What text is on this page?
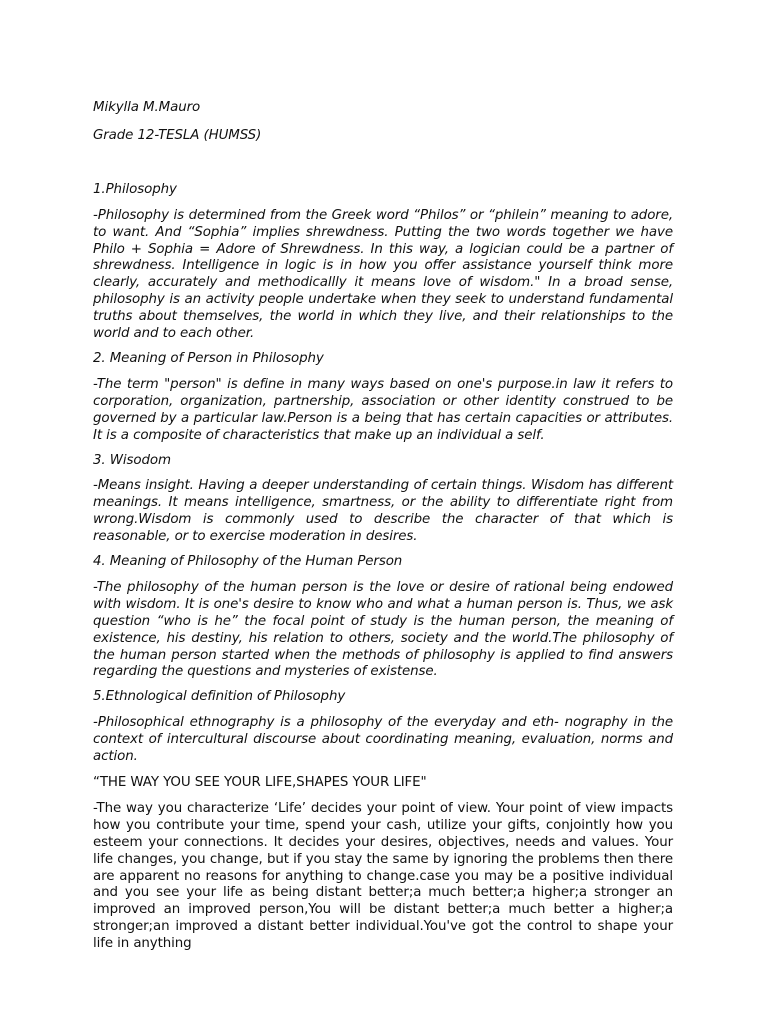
Mikylla M.Mauro

Grade 12-TESLA (HUMSS)

1.Philosophy

-Philosophy is determined from the Greek word “Philos” or “philein” meaning to adore, to want. And “Sophia” implies shrewdness. Putting the two words together we have Philo + Sophia = Adore of Shrewdness. In this way, a logician could be a partner of shrewdness. Intelligence in logic is in how you offer assistance yourself think more clearly, accurately and methodicallly it means love of wisdom." In a broad sense, philosophy is an activity people undertake when they seek to understand fundamental truths about themselves, the world in which they live, and their relationships to the world and to each other.

2. Meaning of Person in Philosophy

-The term "person" is define in many ways based on one's purpose.in law it refers to corporation, organization, partnership, association or other identity construed to be governed by a particular law.Person is a being that has certain capacities or attributes. It is a composite of characteristics that make up an individual a self.

3. Wisodom

-Means insight. Having a deeper understanding of certain things. Wisdom has different meanings. It means intelligence, smartness, or the ability to differentiate right from wrong.Wisdom is commonly used to describe the character of that which is reasonable, or to exercise moderation in desires.

4. Meaning of Philosophy of the Human Person

-The philosophy of the human person is the love or desire of rational being endowed with wisdom. It is one's desire to know who and what a human person is. Thus, we ask question “who is he” the focal point of study is the human person, the meaning of existence, his destiny, his relation to others, society and the world.The philosophy of the human person started when the methods of philosophy is applied to find answers regarding the questions and mysteries of existense.

5.Ethnological definition of Philosophy

-Philosophical ethnography is a philosophy of the everyday and eth- nography in the context of intercultural discourse about coordinating meaning, evaluation, norms and action.

“THE WAY YOU SEE YOUR LIFE,SHAPES YOUR LIFE"

-The way you characterize ‘Life’ decides your point of view. Your point of view impacts how you contribute your time, spend your cash, utilize your gifts, conjointly how you esteem your connections. It decides your desires, objectives, needs and values. Your life changes, you change, but if you stay the same by ignoring the problems then there are apparent no reasons for anything to change.case you may be a positive individual and you see your life as being distant better;a much better;a higher;a stronger an improved an improved person,You will be distant better;a much better a higher;a stronger;an improved a distant better individual.You've got the control to shape your life in anything
